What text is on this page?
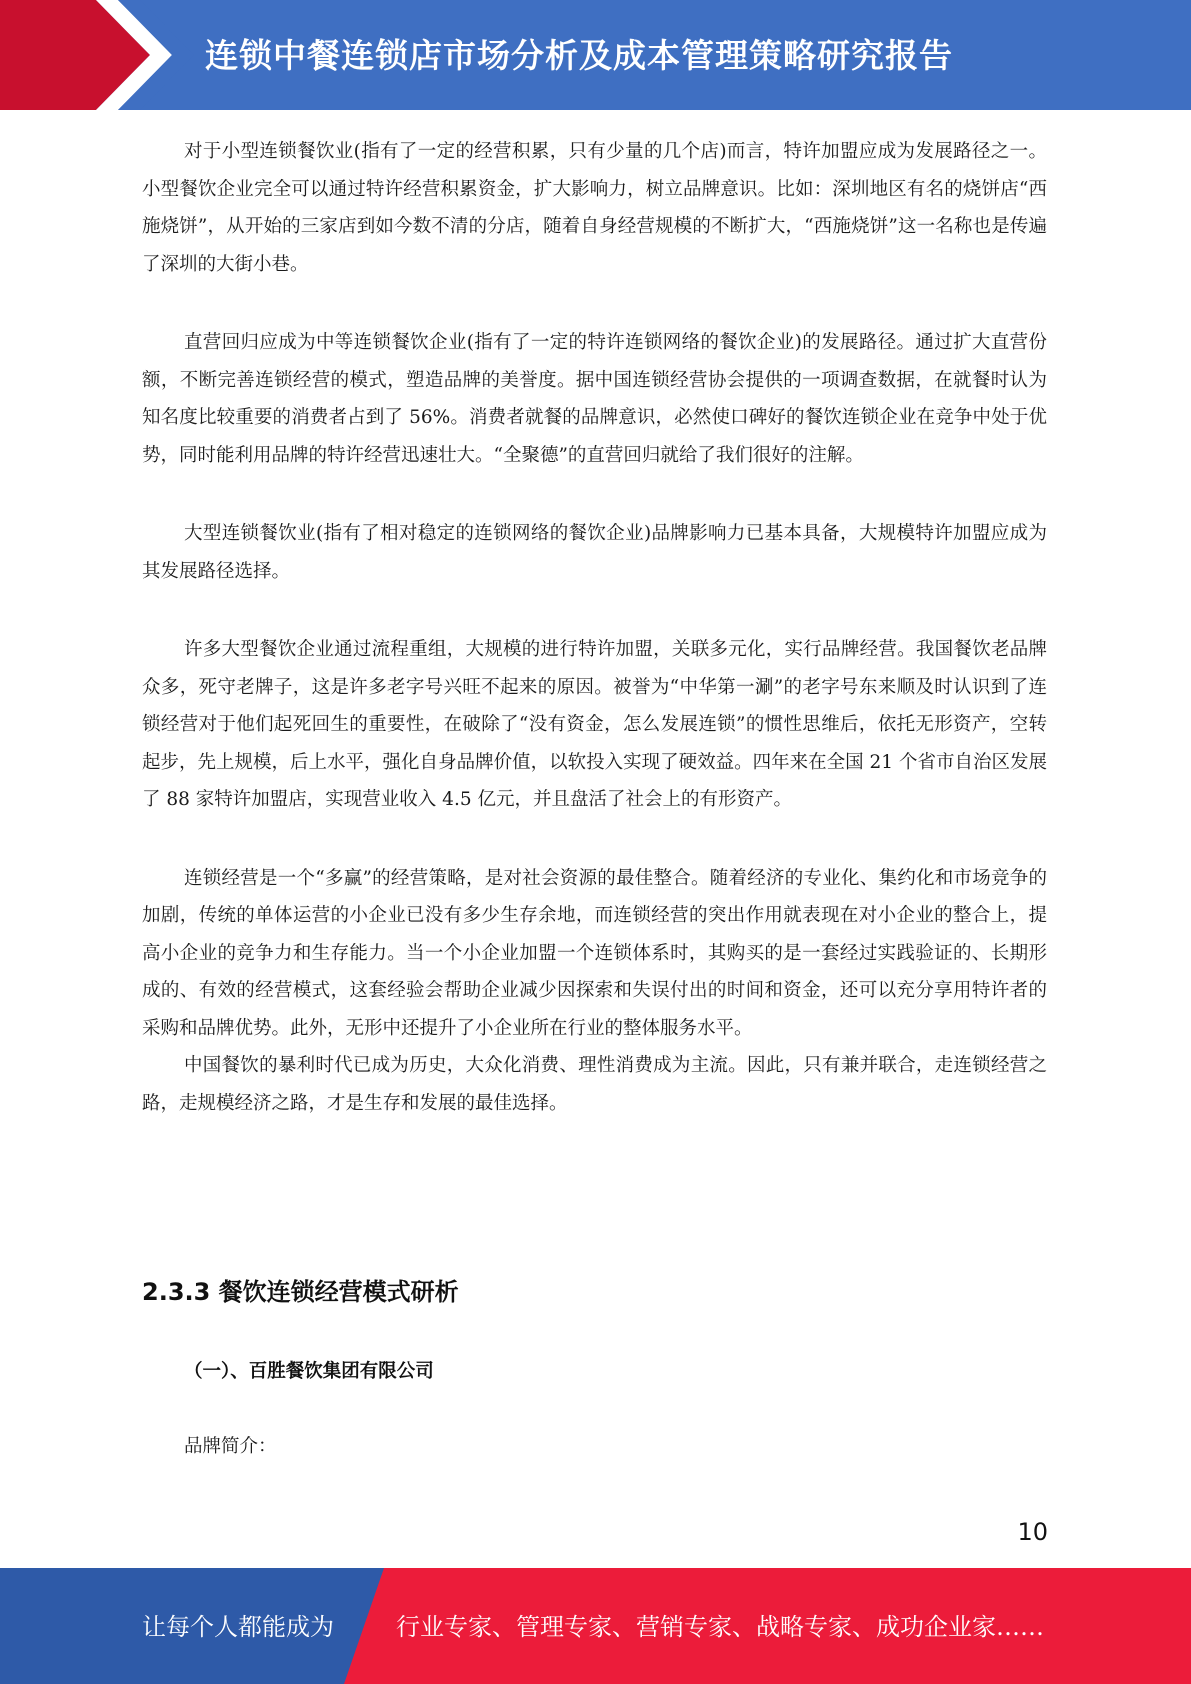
连锁中餐连锁店市场分析及成本管理策略研究报告

对于小型连锁餐饮业(指有了一定的经营积累，只有少量的几个店)而言，特许加盟应成为发展路径之一。小型餐饮企业完全可以通过特许经营积累资金，扩大影响力，树立品牌意识。比如：深圳地区有名的烧饼店“西施烧饼”，从开始的三家店到如今数不清的分店，随着自身经营规模的不断扩大，“西施烧饼”这一名称也是传遍了深圳的大街小巷。

直营回归应成为中等连锁餐饮企业(指有了一定的特许连锁网络的餐饮企业)的发展路径。通过扩大直营份额，不断完善连锁经营的模式，塑造品牌的美誉度。据中国连锁经营协会提供的一项调查数据，在就餐时认为知名度比较重要的消费者占到了 56%。消费者就餐的品牌意识，必然使口碑好的餐饮连锁企业在竞争中处于优势，同时能利用品牌的特许经营迅速壮大。“全聚德”的直营回归就给了我们很好的注解。

大型连锁餐饮业(指有了相对稳定的连锁网络的餐饮企业)品牌影响力已基本具备，大规模特许加盟应成为其发展路径选择。

许多大型餐饮企业通过流程重组，大规模的进行特许加盟，关联多元化，实行品牌经营。我国餐饮老品牌众多，死守老牌子，这是许多老字号兴旺不起来的原因。被誉为“中华第一涮”的老字号东来顺及时认识到了连锁经营对于他们起死回生的重要性，在破除了“没有资金，怎么发展连锁”的惯性思维后，依托无形资产，空转起步，先上规模，后上水平，强化自身品牌价值，以软投入实现了硬效益。四年来在全国 21 个省市自治区发展了 88 家特许加盟店，实现营业收入 4.5 亿元，并且盘活了社会上的有形资产。

连锁经营是一个“多赢”的经营策略，是对社会资源的最佳整合。随着经济的专业化、集约化和市场竞争的加剧，传统的单体运营的小企业已没有多少生存余地，而连锁经营的突出作用就表现在对小企业的整合上，提高小企业的竞争力和生存能力。当一个小企业加盟一个连锁体系时，其购买的是一套经过实践验证的、长期形成的、有效的经营模式，这套经验会帮助企业减少因探索和失误付出的时间和资金，还可以充分享用特许者的采购和品牌优势。此外，无形中还提升了小企业所在行业的整体服务水平。

中国餐饮的暴利时代已成为历史，大众化消费、理性消费成为主流。因此，只有兼并联合，走连锁经营之路，走规模经济之路，才是生存和发展的最佳选择。

2.3.3 餐饮连锁经营模式研析
（一）、百胜餐饮集团有限公司
品牌简介：
10
让每个人都能成为	行业专家、管理专家、营销专家、战略专家、成功企业家……
